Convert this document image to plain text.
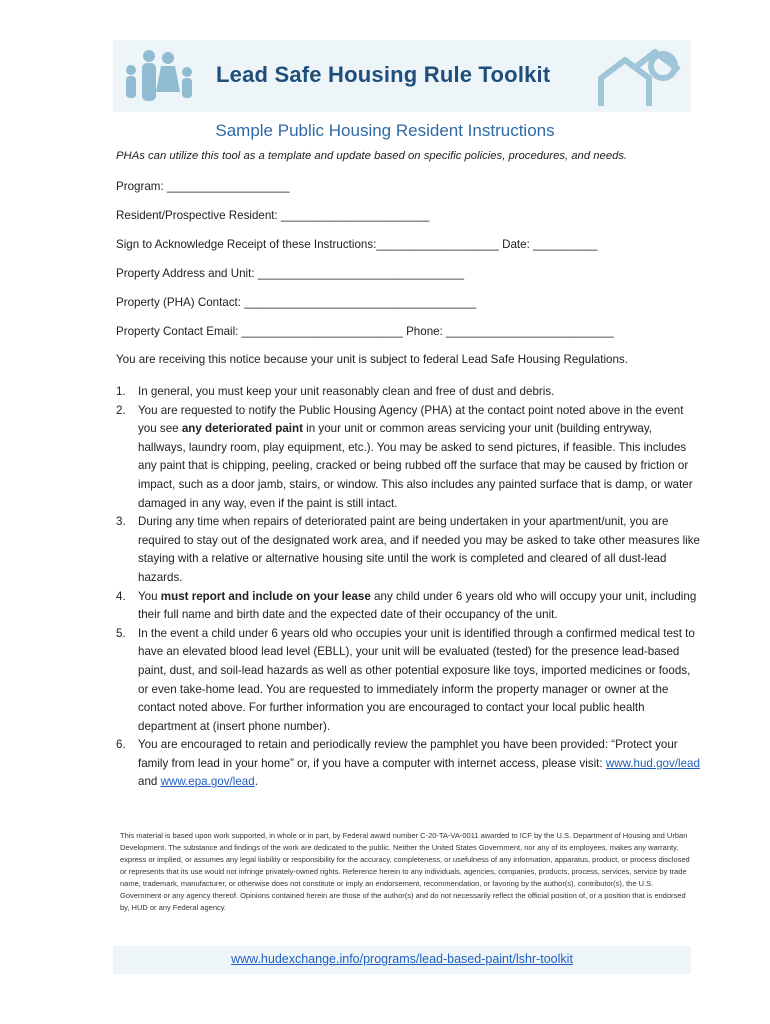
Lead Safe Housing Rule Toolkit
Sample Public Housing Resident Instructions
PHAs can utilize this tool as a template and update based on specific policies, procedures, and needs.
Program: ___________________
Resident/Prospective Resident: _______________________
Sign to Acknowledge Receipt of these Instructions:___________________ Date: __________
Property Address and Unit: ________________________________
Property (PHA) Contact: ____________________________________
Property Contact Email: _________________________ Phone: __________________________
You are receiving this notice because your unit is subject to federal Lead Safe Housing Regulations.
1. In general, you must keep your unit reasonably clean and free of dust and debris.
2. You are requested to notify the Public Housing Agency (PHA) at the contact point noted above in the event you see any deteriorated paint in your unit or common areas servicing your unit (building entryway, hallways, laundry room, play equipment, etc.). You may be asked to send pictures, if feasible. This includes any paint that is chipping, peeling, cracked or being rubbed off the surface that may be caused by friction or impact, such as a door jamb, stairs, or window. This also includes any painted surface that is damp, or water damaged in any way, even if the paint is still intact.
3. During any time when repairs of deteriorated paint are being undertaken in your apartment/unit, you are required to stay out of the designated work area, and if needed you may be asked to take other measures like staying with a relative or alternative housing site until the work is completed and cleared of all dust-lead hazards.
4. You must report and include on your lease any child under 6 years old who will occupy your unit, including their full name and birth date and the expected date of their occupancy of the unit.
5. In the event a child under 6 years old who occupies your unit is identified through a confirmed medical test to have an elevated blood lead level (EBLL), your unit will be evaluated (tested) for the presence lead-based paint, dust, and soil-lead hazards as well as other potential exposure like toys, imported medicines or foods, or even take-home lead. You are requested to immediately inform the property manager or owner at the contact noted above. For further information you are encouraged to contact your local public health department at (insert phone number).
6. You are encouraged to retain and periodically review the pamphlet you have been provided: “Protect your family from lead in your home” or, if you have a computer with internet access, please visit: www.hud.gov/lead and www.epa.gov/lead.
This material is based upon work supported, in whole or in part, by Federal award number C-20-TA-VA-0011 awarded to ICF by the U.S. Department of Housing and Urban Development. The substance and findings of the work are dedicated to the public. Neither the United States Government, nor any of its employees, makes any warranty, express or implied, or assumes any legal liability or responsibility for the accuracy, completeness, or usefulness of any information, apparatus, product, or process disclosed or represents that its use would not infringe privately-owned rights. Reference herein to any individuals, agencies, companies, products, process, services, service by trade name, trademark, manufacturer, or otherwise does not constitute or imply an endorsement, recommendation, or favoring by the author(s), contributor(s), the U.S. Government or any agency thereof. Opinions contained herein are those of the author(s) and do not necessarily reflect the official position of, or a position that is endorsed by, HUD or any Federal agency.
www.hudexchange.info/programs/lead-based-paint/lshr-toolkit
